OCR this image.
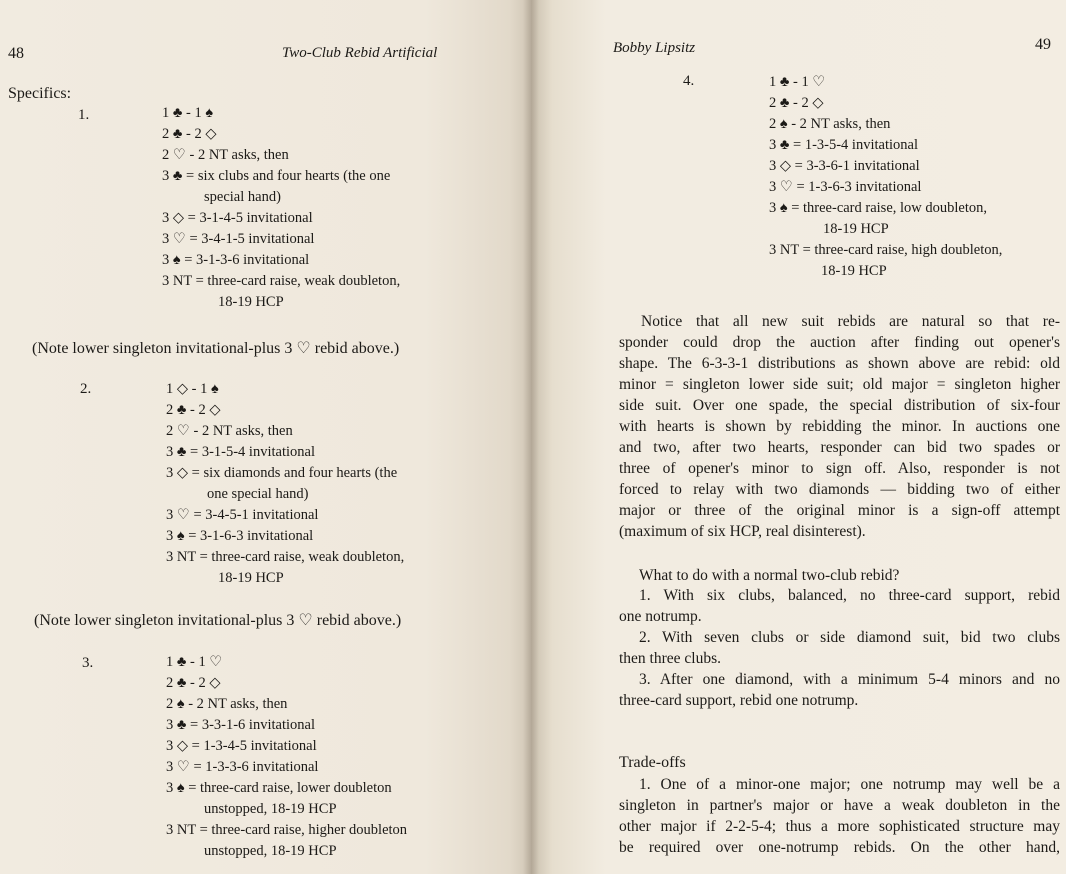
48	Two-Club Rebid Artificial
Specifics:
1.	1 ♣ - 1 ♠
2 ♣ - 2 ◇
2 ♡ - 2 NT asks, then
3 ♣ = six clubs and four hearts (the one
special hand)
3 ◇ = 3-1-4-5 invitational
3 ♡ = 3-4-1-5 invitational
3 ♠ = 3-1-3-6 invitational
3 NT = three-card raise, weak doubleton,
18-19 HCP
(Note lower singleton invitational-plus 3 ♡ rebid above.)
2.	1 ◇ - 1 ♠
2 ♣ - 2 ◇
2 ♡ - 2 NT asks, then
3 ♣ = 3-1-5-4 invitational
3 ◇ = six diamonds and four hearts (the
one special hand)
3 ♡ = 3-4-5-1 invitational
3 ♠ = 3-1-6-3 invitational
3 NT = three-card raise, weak doubleton,
18-19 HCP
(Note lower singleton invitational-plus 3 ♡ rebid above.)
3.	1 ♣ - 1 ♡
2 ♣ - 2 ◇
2 ♠ - 2 NT asks, then
3 ♣ = 3-3-1-6 invitational
3 ◇ = 1-3-4-5 invitational
3 ♡ = 1-3-3-6 invitational
3 ♠ = three-card raise, lower doubleton
unstopped, 18-19 HCP
3 NT = three-card raise, higher doubleton
unstopped, 18-19 HCP
Bobby Lipsitz	49
4.	1 ♣ - 1 ♡
2 ♣ - 2 ◇
2 ♠ - 2 NT asks, then
3 ♣ = 1-3-5-4 invitational
3 ◇ = 3-3-6-1 invitational
3 ♡ = 1-3-6-3 invitational
3 ♠ = three-card raise, low doubleton,
18-19 HCP
3 NT = three-card raise, high doubleton,
18-19 HCP
Notice that all new suit rebids are natural so that re-
sponder could drop the auction after finding out opener's
shape. The 6-3-3-1 distributions as shown above are rebid: old
minor = singleton lower side suit; old major = singleton higher
side suit. Over one spade, the special distribution of six-four
with hearts is shown by rebidding the minor. In auctions one
and two, after two hearts, responder can bid two spades or
three of opener's minor to sign off. Also, responder is not
forced to relay with two diamonds — bidding two of either
major or three of the original minor is a sign-off attempt
(maximum of six HCP, real disinterest).
What to do with a normal two-club rebid?
1. With six clubs, balanced, no three-card support, rebid
one notrump.
2. With seven clubs or side diamond suit, bid two clubs
then three clubs.
3. After one diamond, with a minimum 5-4 minors and no
three-card support, rebid one notrump.
Trade-offs
1. One of a minor-one major; one notrump may well be a
singleton in partner's major or have a weak doubleton in the
other major if 2-2-5-4; thus a more sophisticated structure may
be required over one-notrump rebids. On the other hand,
